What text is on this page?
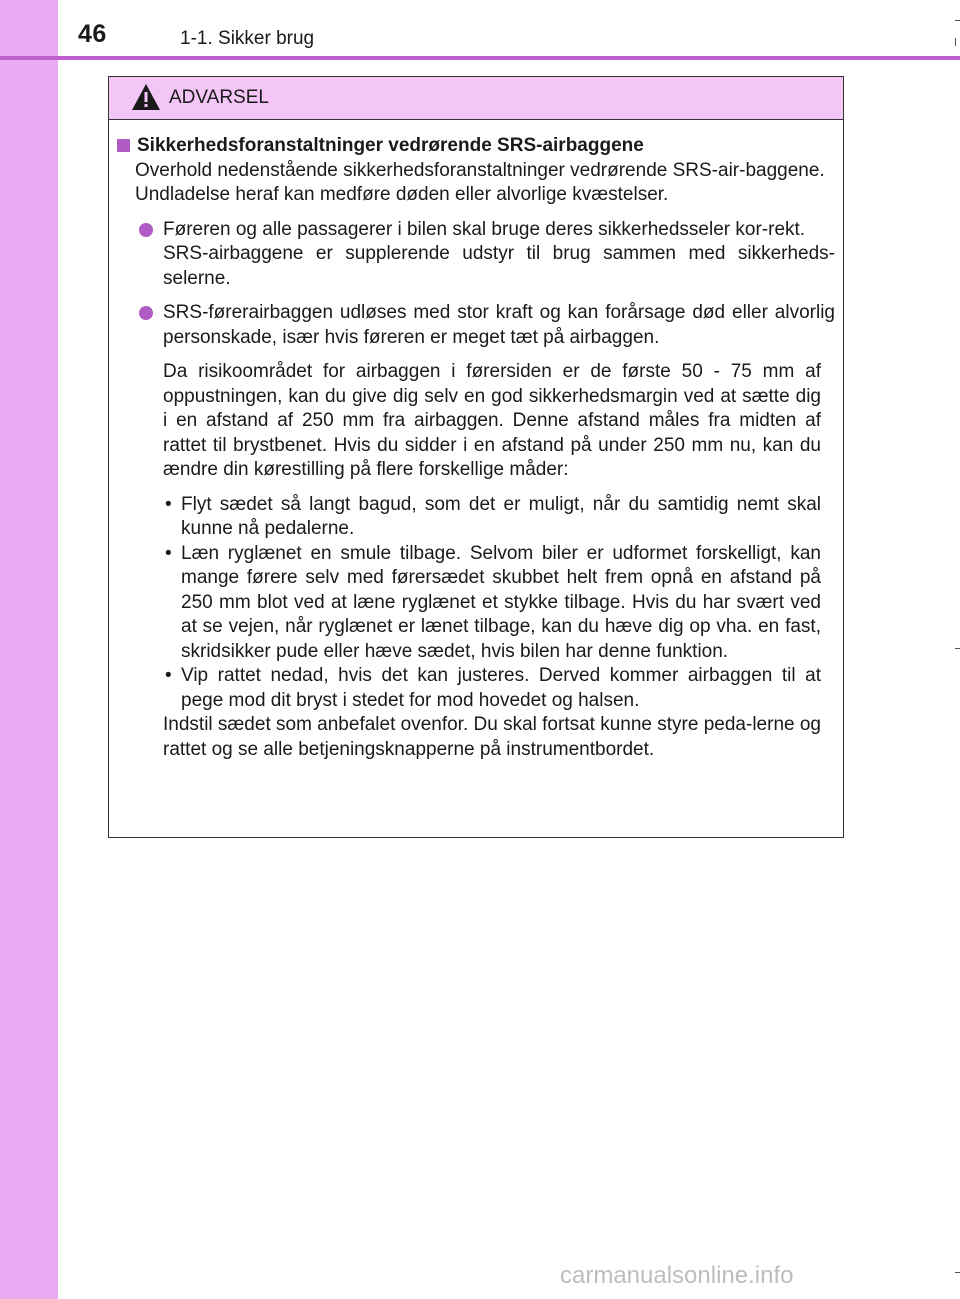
46	1-1. Sikker brug
ADVARSEL
Sikkerhedsforanstaltninger vedrørende SRS-airbaggene

Overhold nedenstående sikkerhedsforanstaltninger vedrørende SRS-air-baggene.

Undladelse heraf kan medføre døden eller alvorlige kvæstelser.

Føreren og alle passagerer i bilen skal bruge deres sikkerhedsseler kor-rekt.

SRS-airbaggene er supplerende udstyr til brug sammen med sikkerheds-selerne.

SRS-førerairbaggen udløses med stor kraft og kan forårsage død eller alvorlig personskade, især hvis føreren er meget tæt på airbaggen.

Da risikoområdet for airbaggen i førersiden er de første 50 - 75 mm af oppustningen, kan du give dig selv en god sikkerhedsmargin ved at sætte dig i en afstand af 250 mm fra airbaggen. Denne afstand måles fra midten af rattet til brystbenet. Hvis du sidder i en afstand på under 250 mm nu, kan du ændre din kørestilling på flere forskellige måder:
• Flyt sædet så langt bagud, som det er muligt, når du samtidig nemt skal kunne nå pedalerne.
• Læn ryglænet en smule tilbage. Selvom biler er udformet forskelligt, kan mange førere selv med førersædet skubbet helt frem opnå en afstand på 250 mm blot ved at læne ryglænet et stykke tilbage. Hvis du har svært ved at se vejen, når ryglænet er lænet tilbage, kan du hæve dig op vha. en fast, skridsikker pude eller hæve sædet, hvis bilen har denne funktion.
• Vip rattet nedad, hvis det kan justeres. Derved kommer airbaggen til at pege mod dit bryst i stedet for mod hovedet og halsen.
Indstil sædet som anbefalet ovenfor. Du skal fortsat kunne styre peda-lerne og rattet og se alle betjeningsknapperne på instrumentbordet.
carmanualsonline.info
